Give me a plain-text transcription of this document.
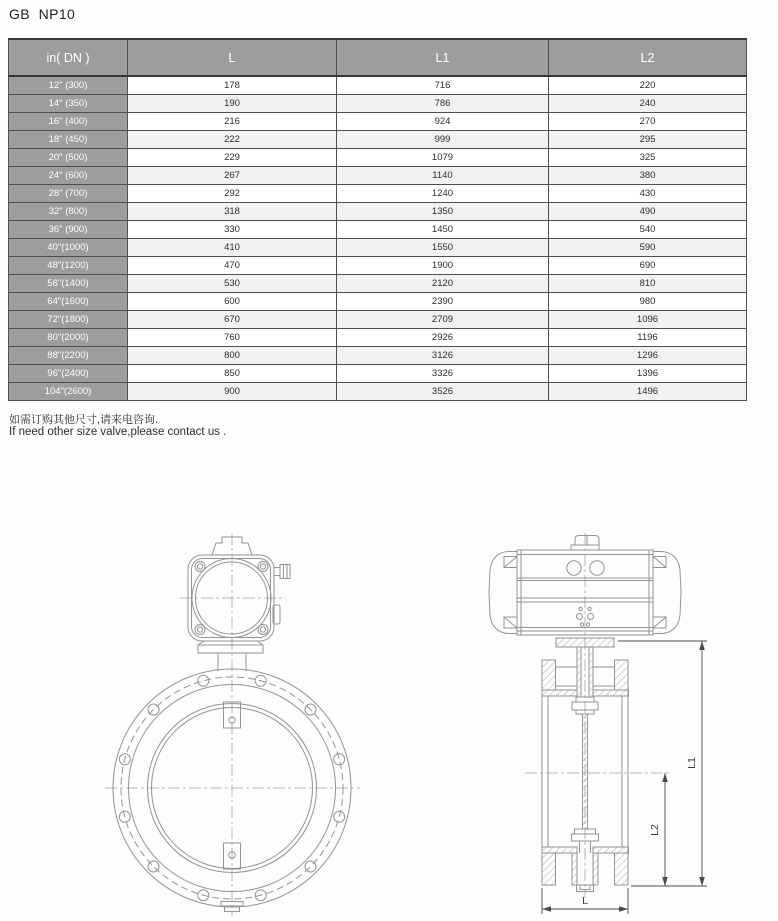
GB  NP10
in( DN )	L	L1	L2
12" (300)	178	716	220
14" (350)	190	786	240
16" (400)	216	924	270
18" (450)	222	999	295
20" (500)	229	1079	325
24" (600)	267	1140	380
28" (700)	292	1240	430
32" (800)	318	1350	490
36" (900)	330	1450	540
40"(1000)	410	1550	590
48"(1200)	470	1900	690
56"(1400)	530	2120	810
64"(1600)	600	2390	980
72"(1800)	670	2709	1096
80"(2000)	760	2926	1196
88"(2200)	800	3126	1296
96"(2400)	850	3326	1396
104"(2600)	900	3526	1496
如需订购其他尺寸,请来电咨询.
If need other size valve,please contact us .
L1
L2
L
